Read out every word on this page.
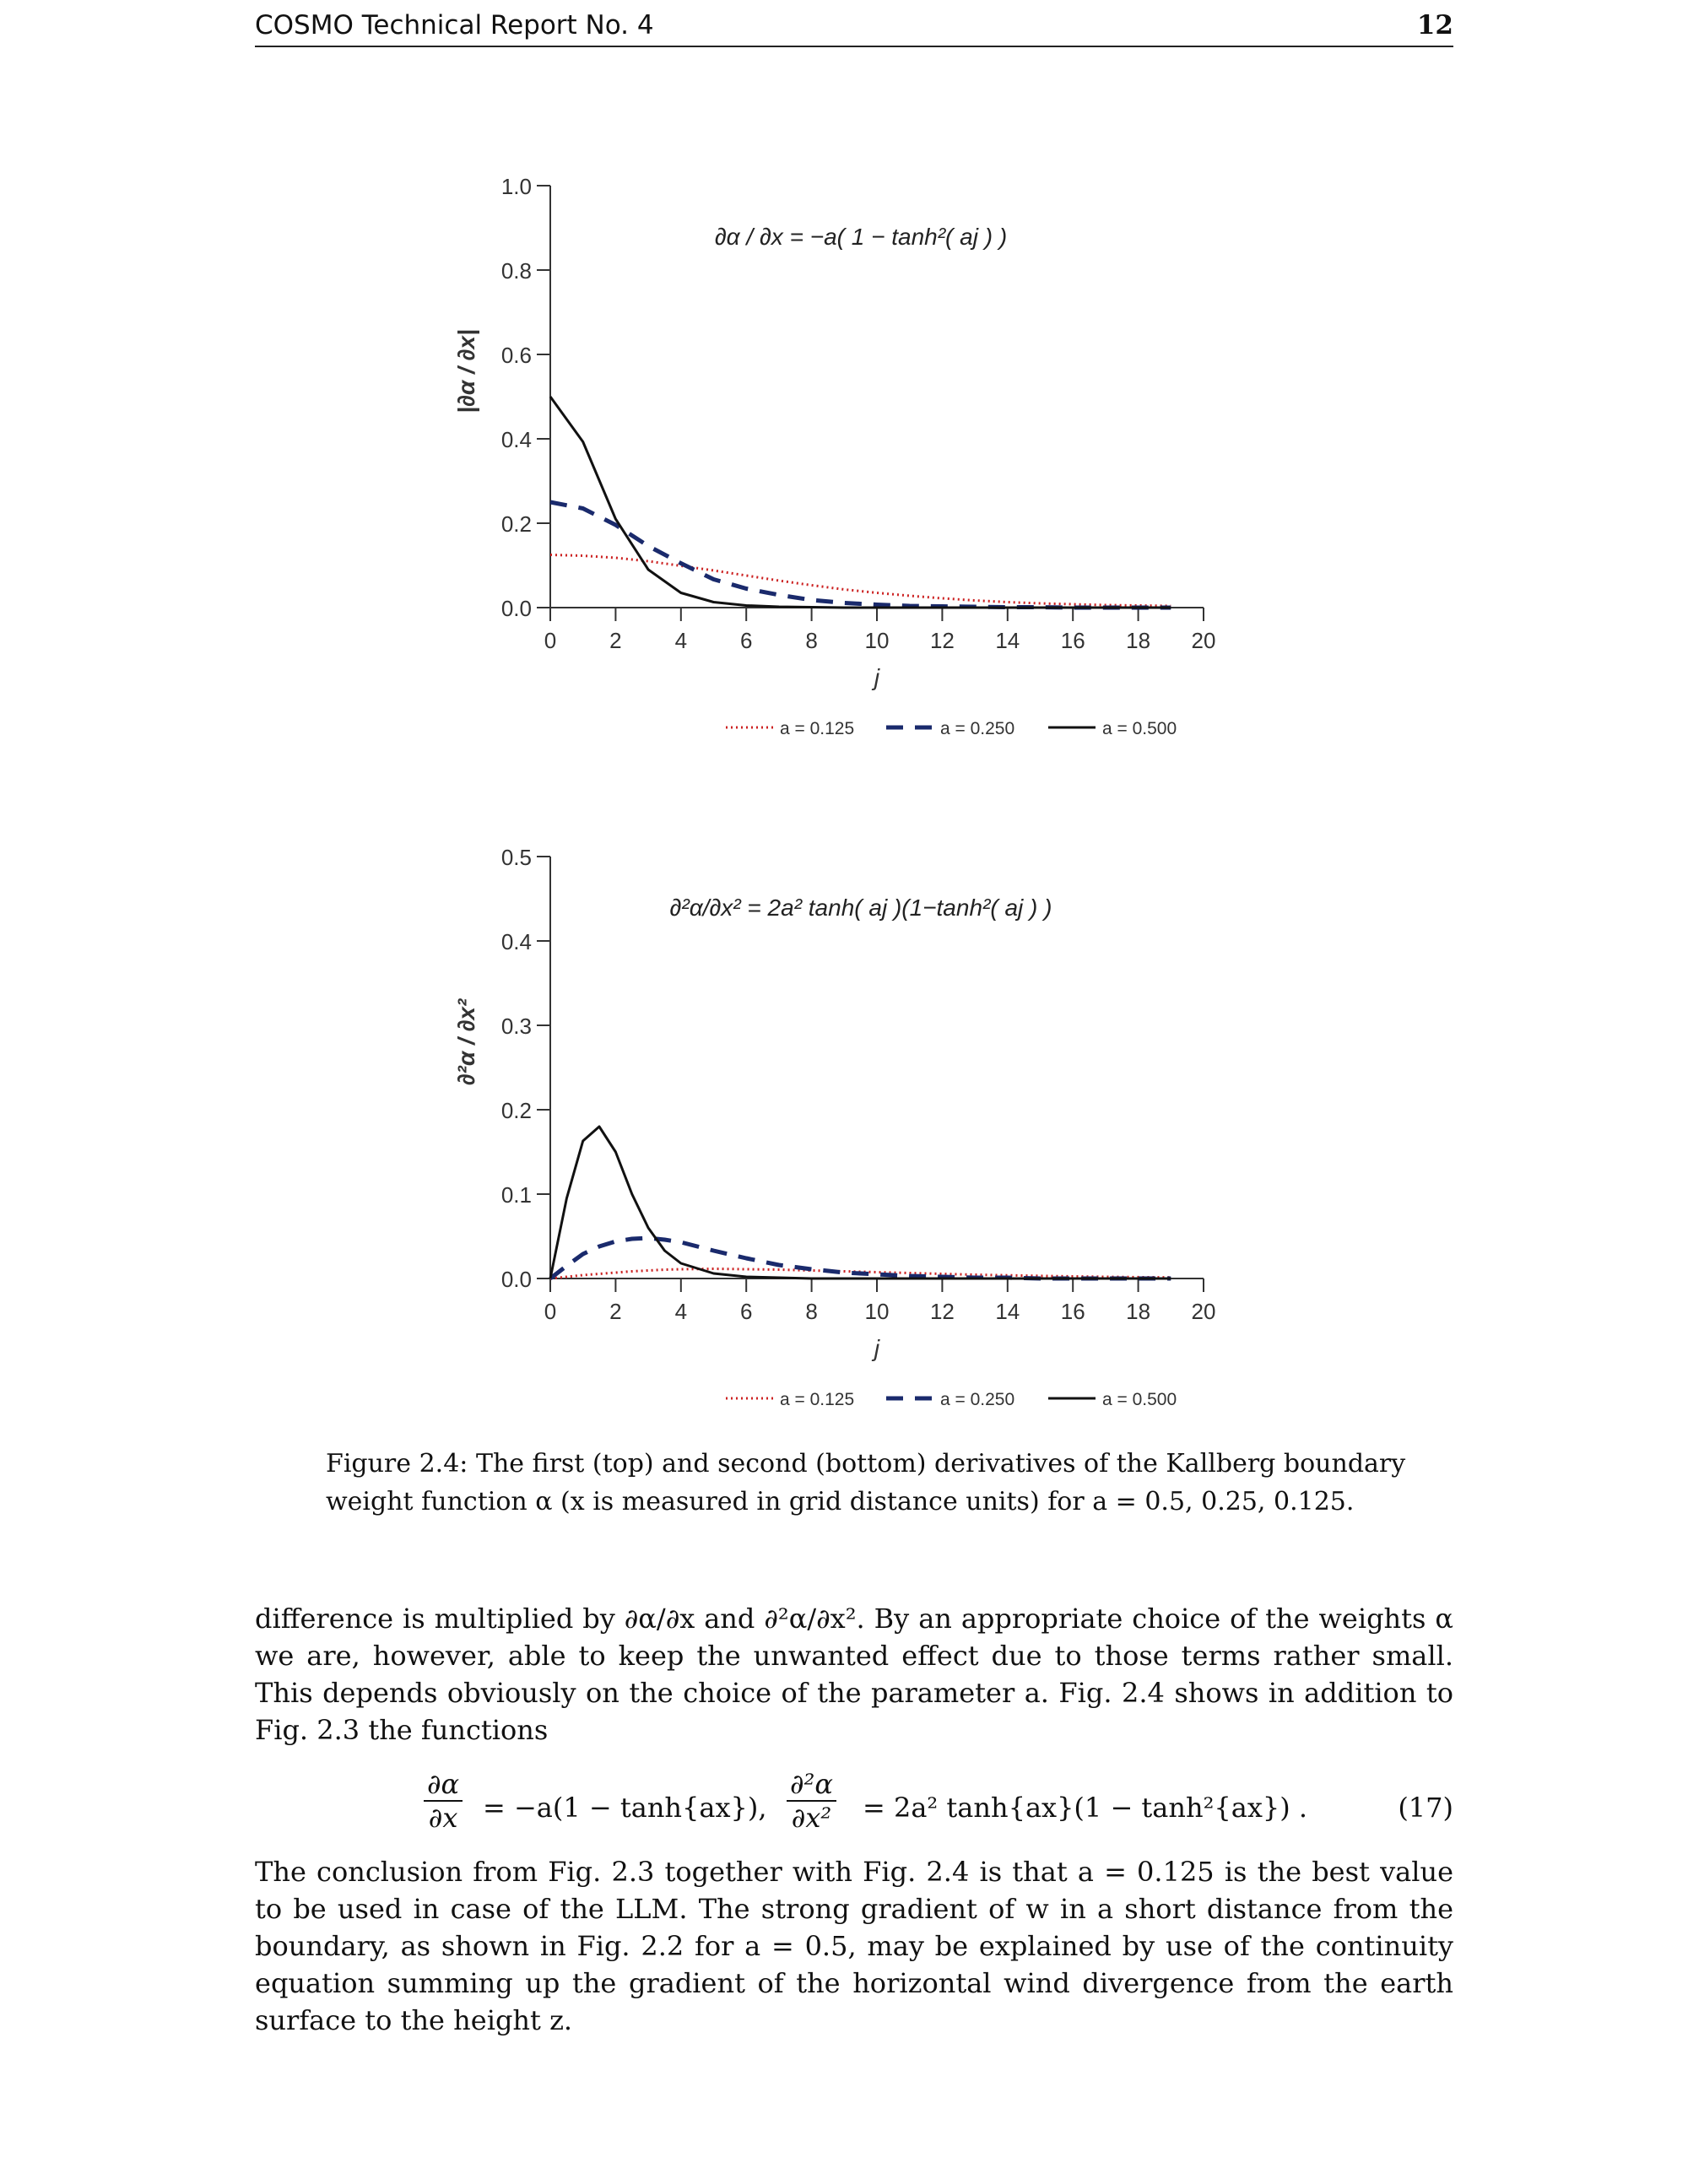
COSMO Technical Report No. 4	12
0.0
0.2
0.4
0.6
0.8
1.0
0 2 4 6 8 10 12 14 16 18 20
j
|∂α / ∂x|
∂α / ∂x = −a( 1 − tanh²( aj ) )
a = 0.125	a = 0.250	a = 0.500
0.0
0.1
0.2
0.3
0.4
0.5
0 2 4 6 8 10 12 14 16 18 20
j
∂²α / ∂x²
∂²α/∂x² = 2a² tanh( aj )(1−tanh²( aj ) )
a = 0.125	a = 0.250	a = 0.500
Figure 2.4: The first (top) and second (bottom) derivatives of the Kallberg boundary weight function α (x is measured in grid distance units) for a = 0.5, 0.25, 0.125.
difference is multiplied by ∂α/∂x and ∂²α/∂x². By an appropriate choice of the weights α we are, however, able to keep the unwanted effect due to those terms rather small. This depends obviously on the choice of the parameter a. Fig. 2.4 shows in addition to Fig. 2.3 the functions
$\frac{\partial\alpha}{\partial x} = -a(1 - \tanh\{ax\})$, $\frac{\text{∂²α}}{\text{∂x²}} = 2a^2$ tanh{ax}(1 − tanh²{ax}) .	(17)
The conclusion from Fig. 2.3 together with Fig. 2.4 is that a = 0.125 is the best value to be used in case of the LLM. The strong gradient of w in a short distance from the boundary, as shown in Fig. 2.2 for a = 0.5, may be explained by use of the continuity equation summing up the gradient of the horizontal wind divergence from the earth surface to the height z.
